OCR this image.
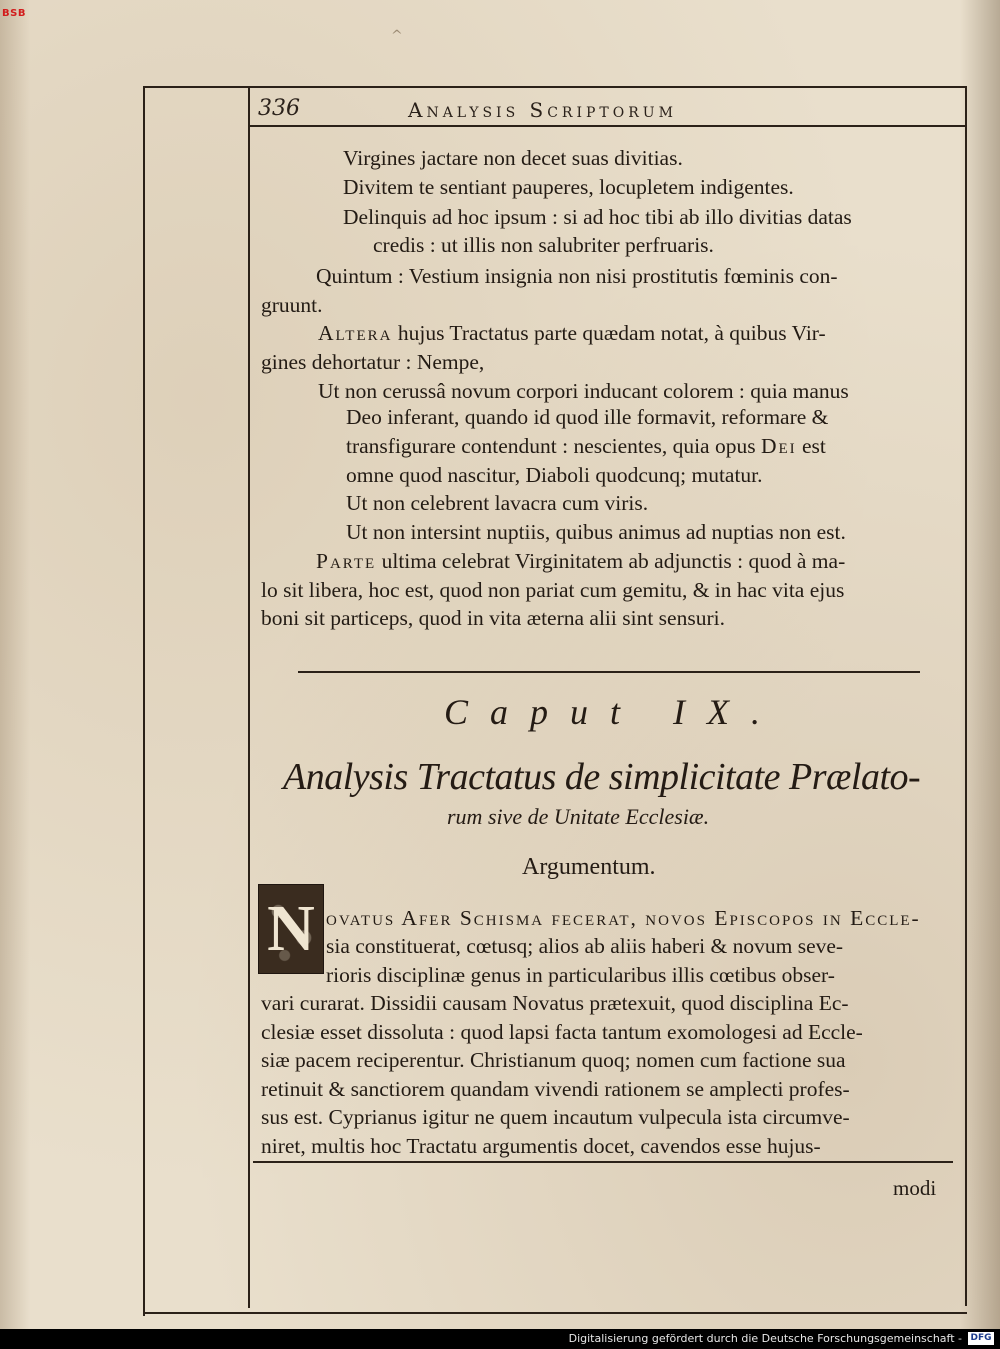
BSB
^
336	Analysis Scriptorum
Virgines jactare non decet suas divitias.
Divitem te sentiant pauperes, locupletem indigentes.
Delinquis ad hoc ipsum : si ad hoc tibi ab illo divitias datas
credis : ut illis non salubriter perfruaris.
Quintum : Vestium insignia non nisi prostitutis fœminis con-
gruunt.
Altera hujus Tractatus parte quædam notat, à quibus Vir-
gines dehortatur : Nempe,
Ut non cerussâ novum corpori inducant colorem : quia manus
Deo inferant, quando id quod ille formavit, reformare &
transfigurare contendunt : nescientes, quia opus Dei est
omne quod nascitur, Diaboli quodcunq; mutatur.
Ut non celebrent lavacra cum viris.
Ut non intersint nuptiis, quibus animus ad nuptias non est.
Parte ultima celebrat Virginitatem ab adjunctis : quod à ma-
lo sit libera, hoc est, quod non pariat cum gemitu, & in hac vita ejus
boni sit particeps, quod in vita æterna alii sint sensuri.
Caput IX.
Analysis Tractatus de simplicitate Prælato-
rum sive de Unitate Ecclesiæ.
Argumentum.
N ovatus Afer Schisma fecerat, novos Episcopos in Eccle-
sia constituerat, cœtusq; alios ab aliis haberi & novum seve-
rioris disciplinæ genus in particularibus illis cœtibus obser-
vari curarat. Dissidii causam Novatus prætexuit, quod disciplina Ec-
clesiæ esset dissoluta : quod lapsi facta tantum exomologesi ad Eccle-
siæ pacem reciperentur. Christianum quoq; nomen cum factione sua
retinuit & sanctiorem quandam vivendi rationem se amplecti profes-
sus est. Cyprianus igitur ne quem incautum vulpecula ista circumve-
niret, multis hoc Tractatu argumentis docet, cavendos esse hujus-
modi
Digitalisierung gefördert durch die Deutsche Forschungsgemeinschaft - DFG
